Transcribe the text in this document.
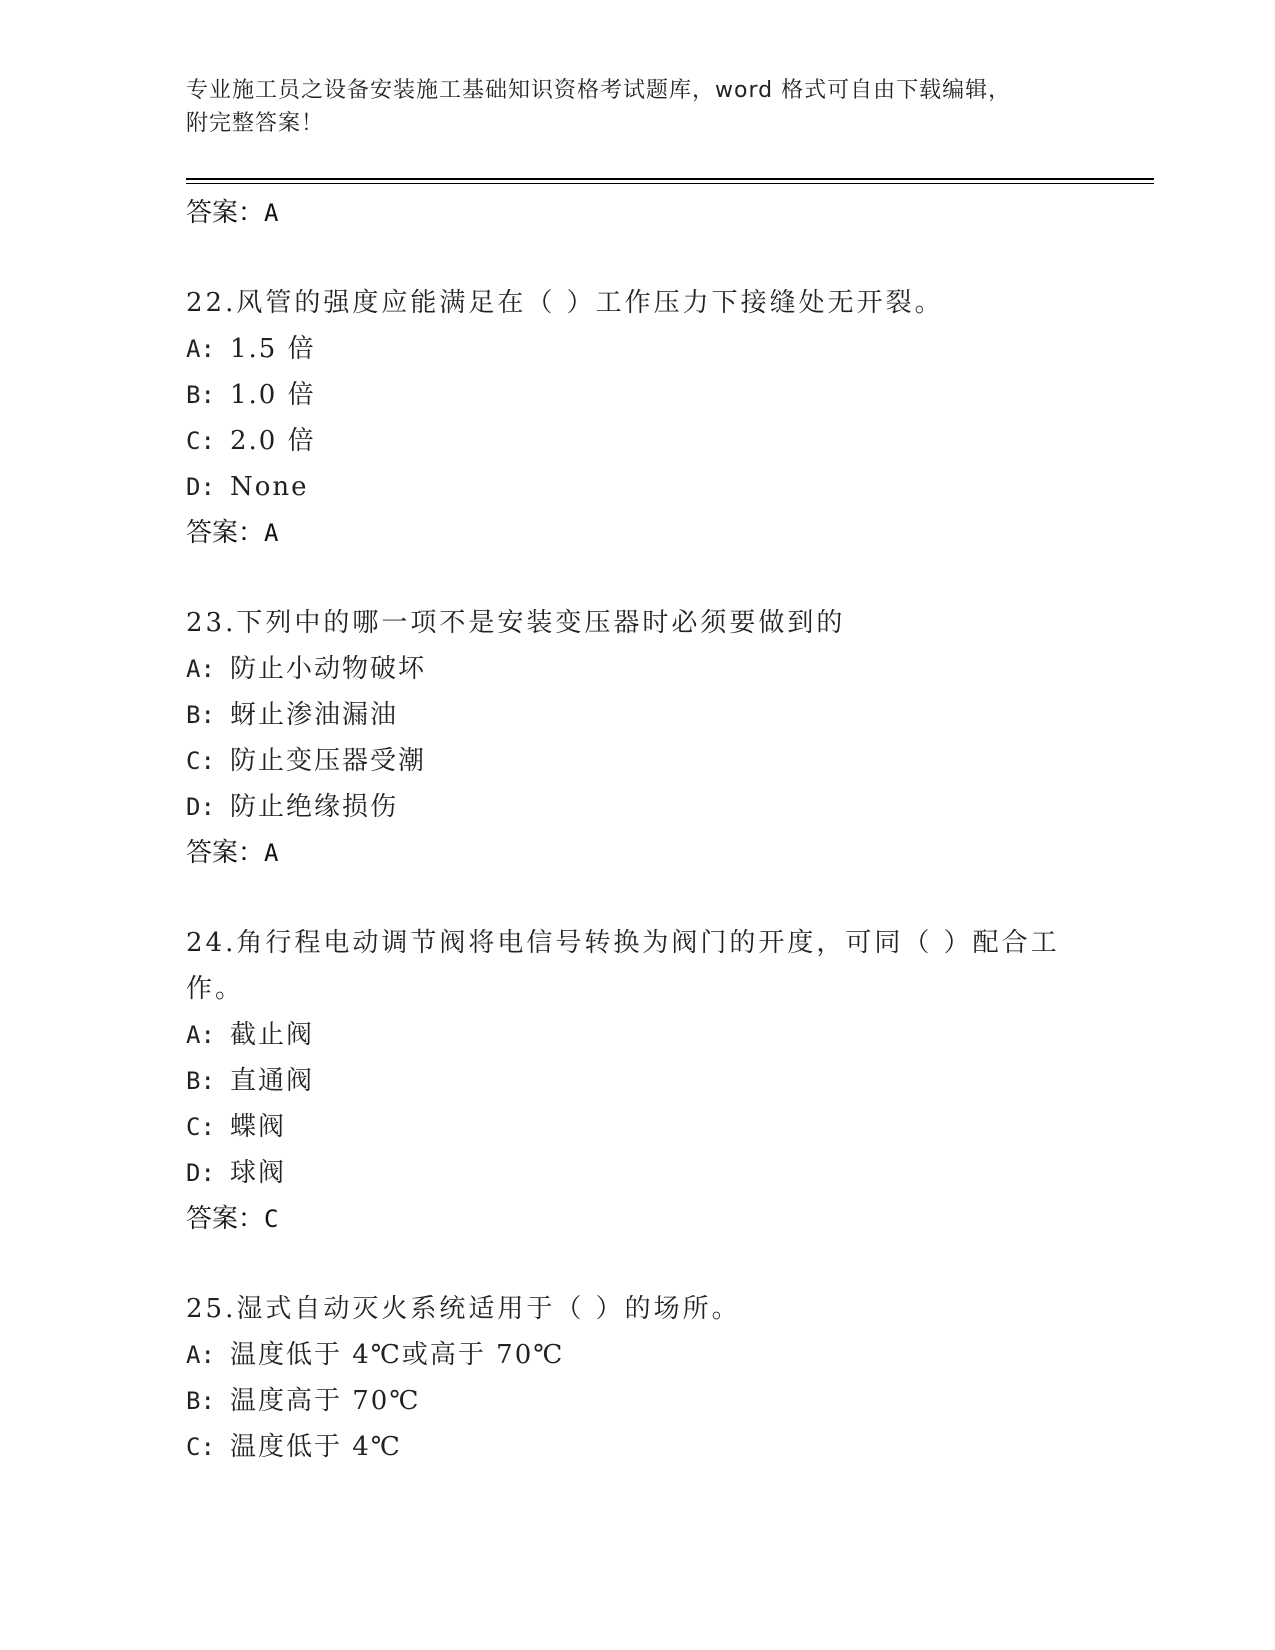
专业施工员之设备安装施工基础知识资格考试题库，word 格式可自由下载编辑，
附完整答案！
答案：A
22.风管的强度应能满足在（ ）工作压力下接缝处无开裂。
A: 1.5 倍
B: 1.0 倍
C: 2.0 倍
D: None
答案：A
23.下列中的哪一项不是安装变压器时必须要做到的
A: 防止小动物破坏
B: 蚜止渗油漏油
C: 防止变压器受潮
D: 防止绝缘损伤
答案：A
24.角行程电动调节阀将电信号转换为阀门的开度，可同（ ）配合工作。
A: 截止阀
B: 直通阀
C: 蝶阀
D: 球阀
答案：C
25.湿式自动灭火系统适用于（ ）的场所。
A: 温度低于 4℃或高于 70℃
B: 温度高于 70℃
C: 温度低于 4℃
